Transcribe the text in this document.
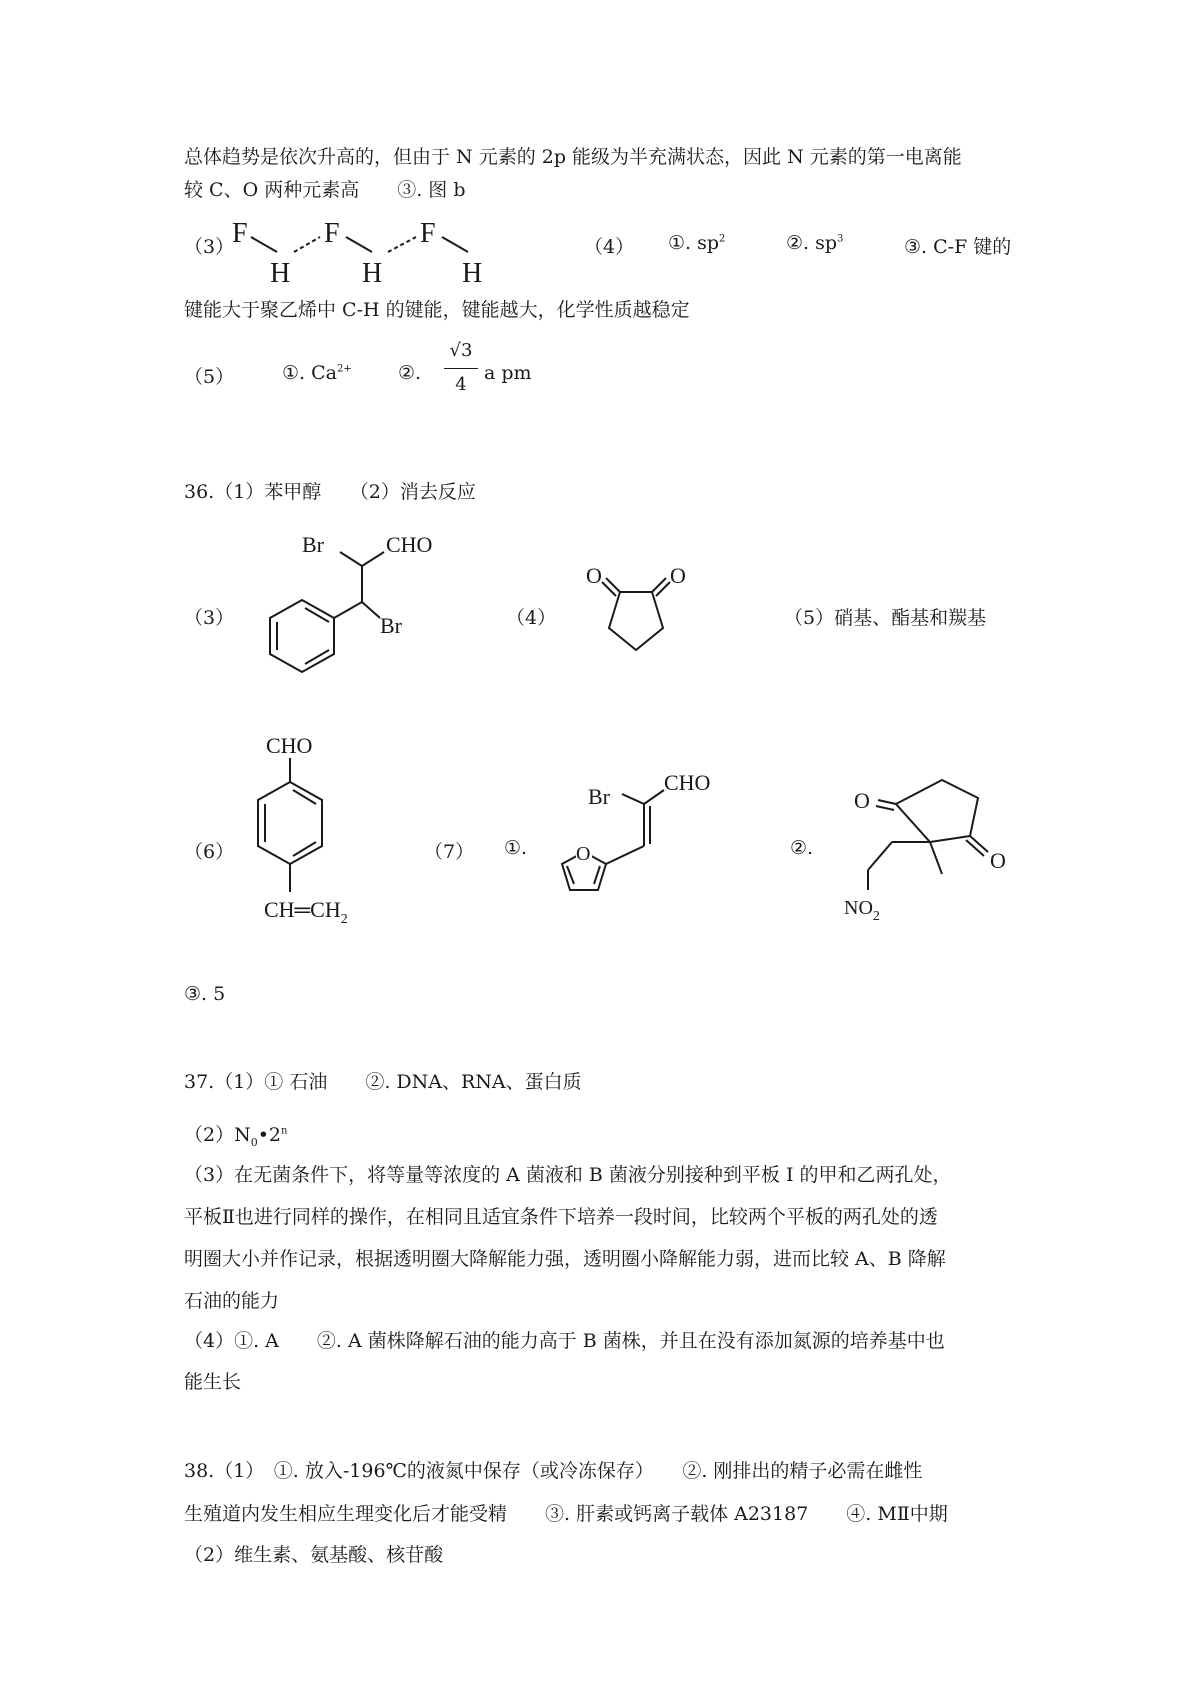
总体趋势是依次升高的，但由于 N 元素的 2p 能级为半充满状态，因此 N 元素的第一电离能
较 C、O 两种元素高　　③. 图 b
（3）
F
H
F
H
F
H
（4） ①. $sp^2$	②. $sp^3$	③. C-F 键的
键能大于聚乙烯中 C-H 的键能，键能越大，化学性质越稳定
（5）	①. $Ca^{2+}$ ②.
√3
4
a pm
36.（1）苯甲醇　　（2）消去反应
（3）
Br	CHO
Br	（4）
O	O
（5）硝基、酯基和羰基
（6）
CHO
$CH═CH_2$
（7） ①. O
Br
CHO
②.
O
O
$NO_2$
③. 5
37.（1）① 石油　　②. DNA、RNA、蛋白质
$(2)N_0•2^n$
（3）在无菌条件下，将等量等浓度的 A 菌液和 B 菌液分别接种到平板 I 的甲和乙两孔处，
平板Ⅱ也进行同样的操作，在相同且适宜条件下培养一段时间，比较两个平板的两孔处的透
明圈大小并作记录，根据透明圈大降解能力强，透明圈小降解能力弱，进而比较 A、B 降解
石油的能力
（4）①. A　　②. A 菌株降解石油的能力高于 B 菌株，并且在没有添加氮源的培养基中也
能生长
38.（1）　①. 放入-196℃的液氮中保存（或冷冻保存）　　②. 刚排出的精子必需在雌性
生殖道内发生相应生理变化后才能受精　　③. 肝素或钙离子载体 A23187　　④. MⅡ中期
（2）维生素、氨基酸、核苷酸
